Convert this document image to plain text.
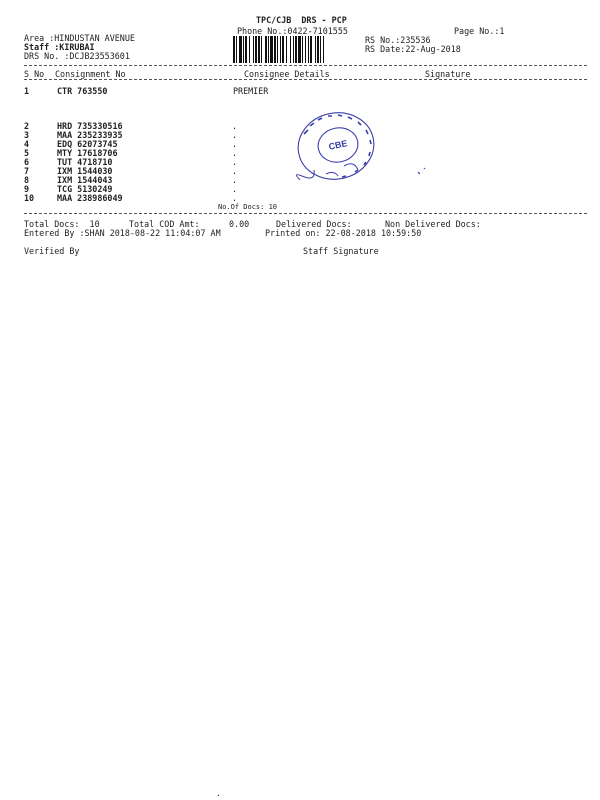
TPC/CJB  DRS - PCP
Phone No.:0422-7101555	Page No.:1
Area :HINDUSTAN AVENUE
Staff :KIRUBAI
DRS No. :DCJB23553601
RS No.:235536
RS Date:22-Aug-2018
S No Consignment No	Consignee Details	Signature
1	CTR 763550	PREMIER
2	HRD 735330516	.
3	MAA 235233935	.
4	EDQ 62073745	.
5	MTY 17618706	.
6	TUT 4718710	.
7	IXM 1544030	.
8	IXM 1544043	.
9	TCG 5130249	.
10	MAA 238986049	.
No.Of Docs: 10
CBE
Total Docs:  10	Total COD Amt:	0.00	Delivered Docs:	Non Delivered Docs:
Entered By :SHAN 2018-08-22 11:04:07 AM	Printed on: 22-08-2018 10:59:50
Verified By	Staff Signature
.
